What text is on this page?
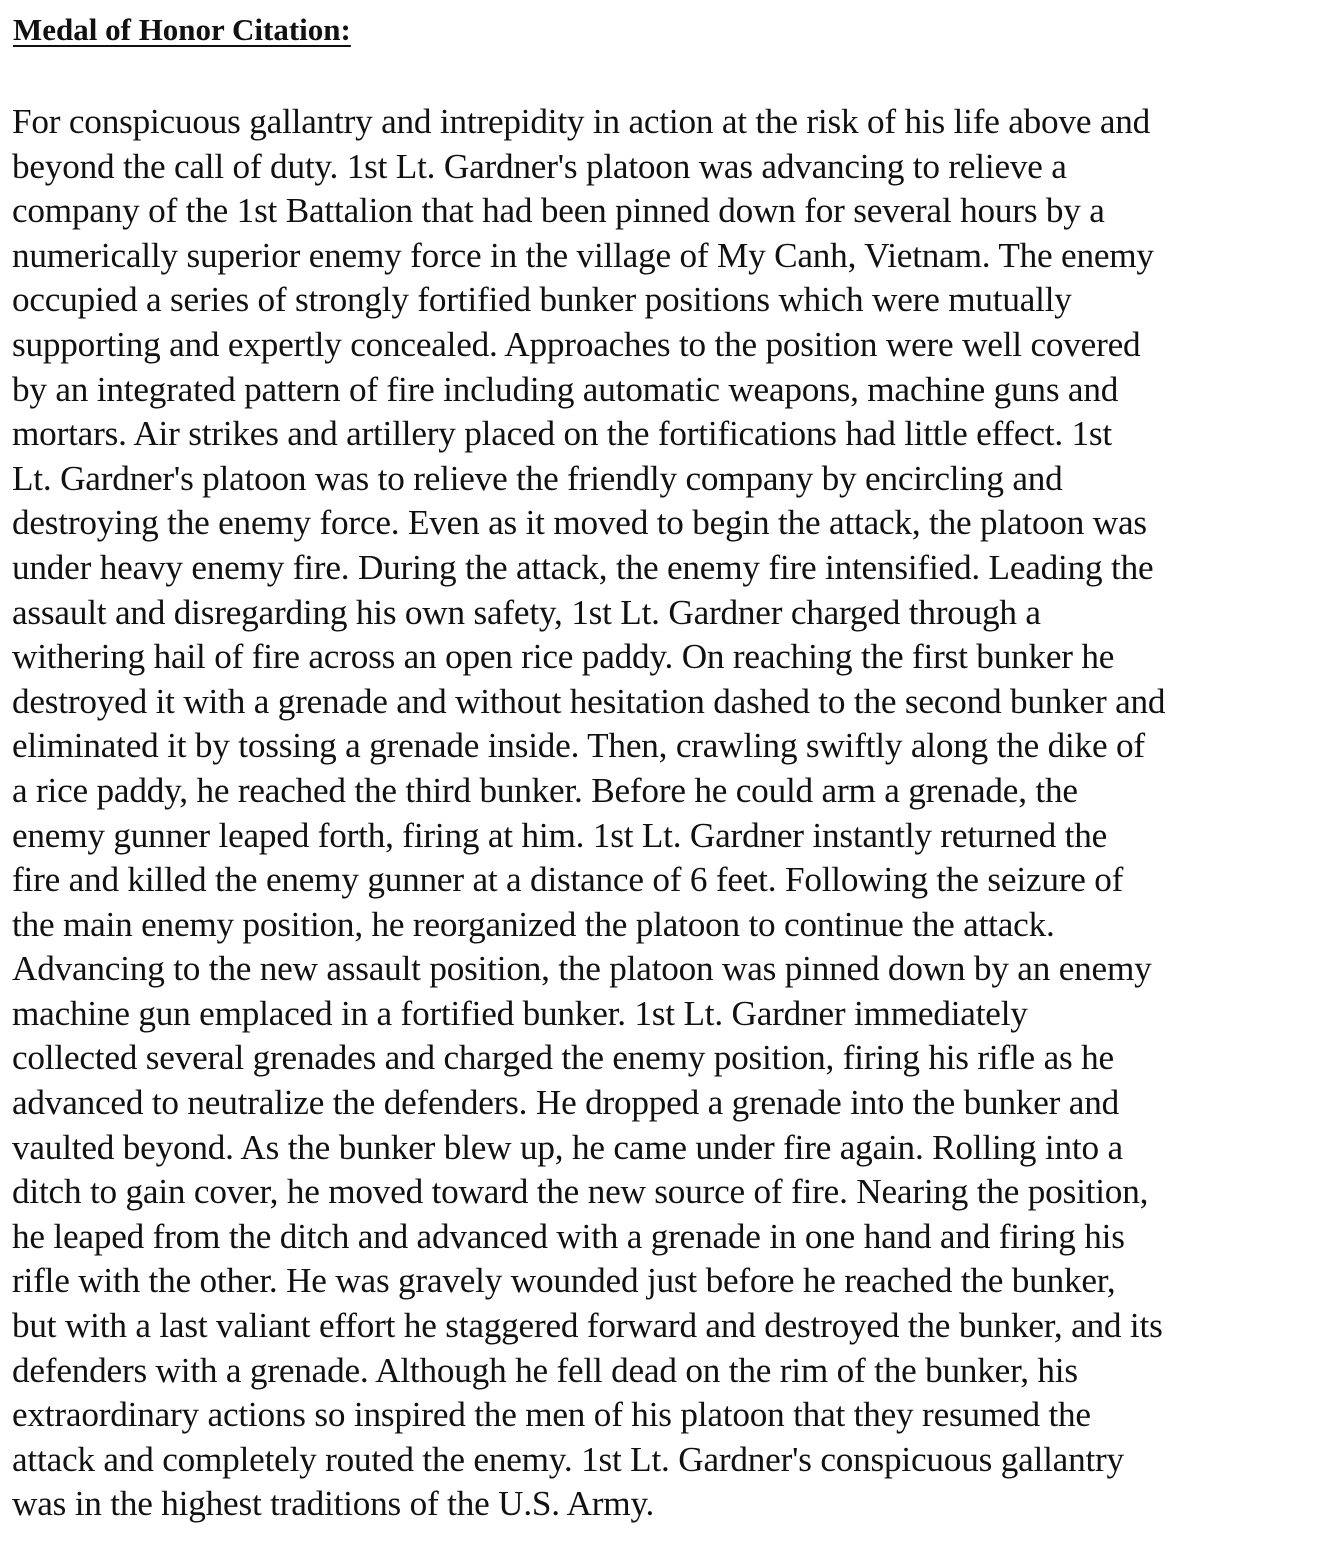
Medal of Honor Citation:
For conspicuous gallantry and intrepidity in action at the risk of his life above and
beyond the call of duty. 1st Lt. Gardner's platoon was advancing to relieve a
company of the 1st Battalion that had been pinned down for several hours by a
numerically superior enemy force in the village of My Canh, Vietnam. The enemy
occupied a series of strongly fortified bunker positions which were mutually
supporting and expertly concealed. Approaches to the position were well covered
by an integrated pattern of fire including automatic weapons, machine guns and
mortars. Air strikes and artillery placed on the fortifications had little effect. 1st
Lt. Gardner's platoon was to relieve the friendly company by encircling and
destroying the enemy force. Even as it moved to begin the attack, the platoon was
under heavy enemy fire. During the attack, the enemy fire intensified. Leading the
assault and disregarding his own safety, 1st Lt. Gardner charged through a
withering hail of fire across an open rice paddy. On reaching the first bunker he
destroyed it with a grenade and without hesitation dashed to the second bunker and
eliminated it by tossing a grenade inside. Then, crawling swiftly along the dike of
a rice paddy, he reached the third bunker. Before he could arm a grenade, the
enemy gunner leaped forth, firing at him. 1st Lt. Gardner instantly returned the
fire and killed the enemy gunner at a distance of 6 feet. Following the seizure of
the main enemy position, he reorganized the platoon to continue the attack.
Advancing to the new assault position, the platoon was pinned down by an enemy
machine gun emplaced in a fortified bunker. 1st Lt. Gardner immediately
collected several grenades and charged the enemy position, firing his rifle as he
advanced to neutralize the defenders. He dropped a grenade into the bunker and
vaulted beyond. As the bunker blew up, he came under fire again. Rolling into a
ditch to gain cover, he moved toward the new source of fire. Nearing the position,
he leaped from the ditch and advanced with a grenade in one hand and firing his
rifle with the other. He was gravely wounded just before he reached the bunker,
but with a last valiant effort he staggered forward and destroyed the bunker, and its
defenders with a grenade. Although he fell dead on the rim of the bunker, his
extraordinary actions so inspired the men of his platoon that they resumed the
attack and completely routed the enemy. 1st Lt. Gardner's conspicuous gallantry
was in the highest traditions of the U.S. Army.
